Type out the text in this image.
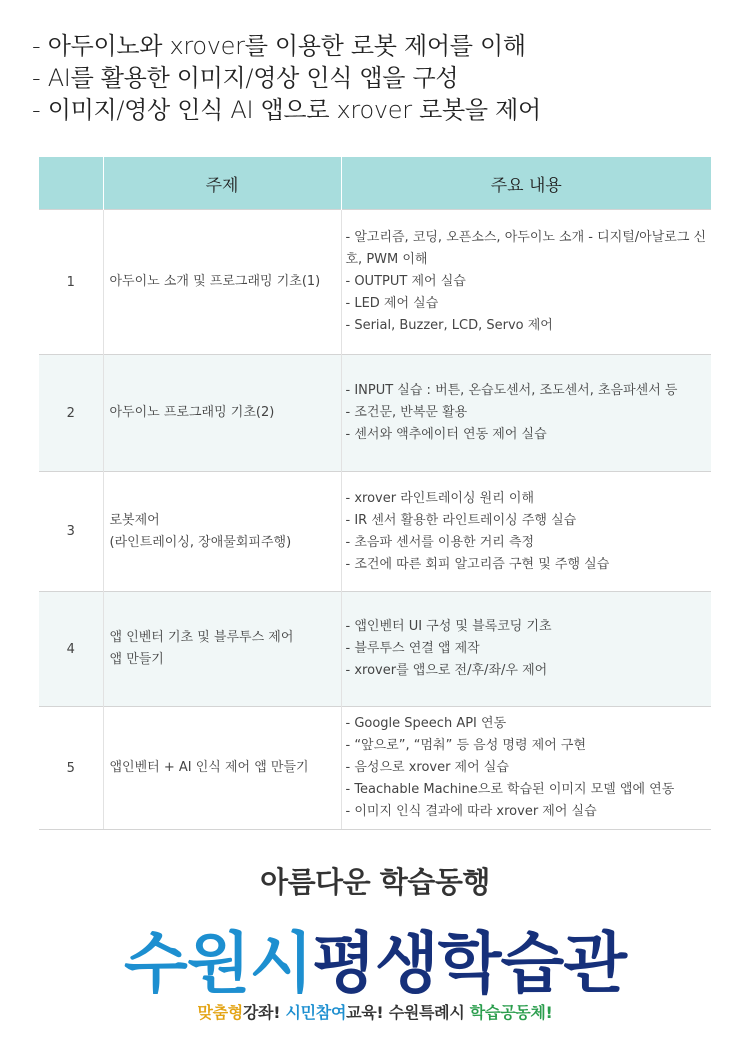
- 아두이노와 xrover를 이용한 로봇 제어를 이해
- AI를 활용한 이미지/영상 인식 앱을 구성
- 이미지/영상 인식 AI 앱으로 xrover 로봇을 제어
	주제	주요 내용
1	아두이노 소개 및 프로그래밍 기초(1)	- 알고리즘, 코딩, 오픈소스, 아두이노 소개 - 디지털/아날로그 신호, PWM 이해
- OUTPUT 제어 실습
- LED 제어 실습
- Serial, Buzzer, LCD, Servo 제어

2	아두이노 프로그래밍 기초(2)	- INPUT 실습 : 버튼, 온습도센서, 조도센서, 초음파센서 등
- 조건문, 반복문 활용
- 센서와 액추에이터 연동 제어 실습

3	로봇제어
(라인트레이싱, 장애물회피주행)	- xrover 라인트레이싱 원리 이해
- IR 센서 활용한 라인트레이싱 주행 실습
- 초음파 센서를 이용한 거리 측정
- 조건에 따른 회피 알고리즘 구현 및 주행 실습

4	앱 인벤터 기초 및 블루투스 제어
앱 만들기	- 앱인벤터 UI 구성 및 블록코딩 기초
- 블루투스 연결 앱 제작
- xrover를 앱으로 전/후/좌/우 제어

5	앱인벤터 + AI 인식 제어 앱 만들기	- Google Speech API 연동
- “앞으로”, “멈춰” 등 음성 명령 제어 구현
- 음성으로 xrover 제어 실습
- Teachable Machine으로 학습된 이미지 모델 앱에 연동
- 이미지 인식 결과에 따라 xrover 제어 실습
아름다운 학습동행
수원시평생학습관
맞춤형강좌! 시민참여교육! 수원특례시 학습공동체!
